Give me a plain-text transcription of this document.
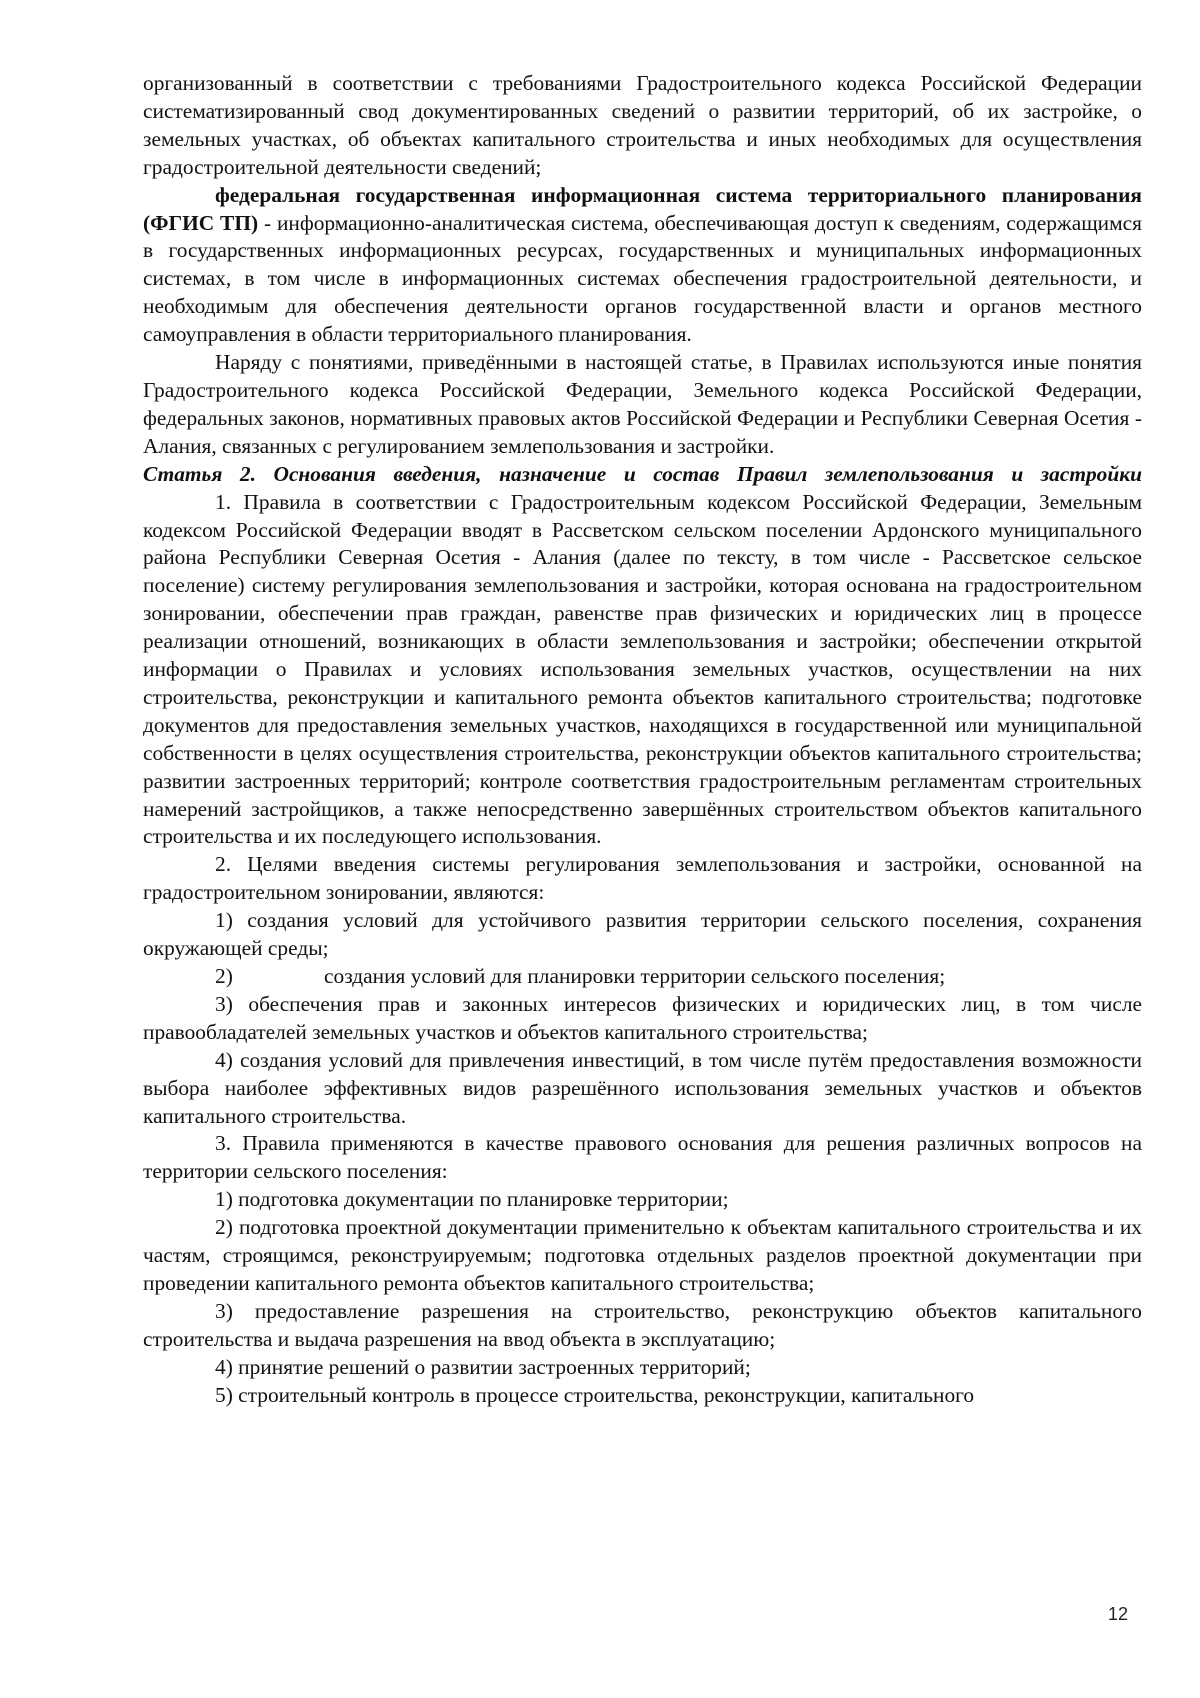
организованный в соответствии с требованиями Градостроительного кодекса Российской Федерации систематизированный свод документированных сведений о развитии территорий, об их застройке, о земельных участках, об объектах капитального строительства и иных необходимых для осуществления градостроительной деятельности сведений;

федеральная государственная информационная система территориального планирования (ФГИС ТП) - информационно-аналитическая система, обеспечивающая доступ к сведениям, содержащимся в государственных информационных ресурсах, государственных и муниципальных информационных системах, в том числе в информационных системах обеспечения градостроительной деятельности, и необходимым для обеспечения деятельности органов государственной власти и органов местного самоуправления в области территориального планирования.

Наряду с понятиями, приведёнными в настоящей статье, в Правилах используются иные понятия Градостроительного кодекса Российской Федерации, Земельного кодекса Российской Федерации, федеральных законов, нормативных правовых актов Российской Федерации и Республики Северная Осетия - Алания, связанных с регулированием землепользования и застройки.

Статья 2. Основания введения, назначение и состав Правил землепользования и застройки

1. Правила в соответствии с Градостроительным кодексом Российской Федерации, Земельным кодексом Российской Федерации вводят в Рассветском сельском поселении Ардонского муниципального района Республики Северная Осетия - Алания (далее по тексту, в том числе - Рассветское сельское поселение) систему регулирования землепользования и застройки, которая основана на градостроительном зонировании, обеспечении прав граждан, равенстве прав физических и юридических лиц в процессе реализации отношений, возникающих в области землепользования и застройки; обеспечении открытой информации о Правилах и условиях использования земельных участков, осуществлении на них строительства, реконструкции и капитального ремонта объектов капитального строительства; подготовке документов для предоставления земельных участков, находящихся в государственной или муниципальной собственности в целях осуществления строительства, реконструкции объектов капитального строительства; развитии застроенных территорий; контроле соответствия градостроительным регламентам строительных намерений застройщиков, а также непосредственно завершённых строительством объектов капитального строительства и их последующего использования.

2. Целями введения системы регулирования землепользования и застройки, основанной на градостроительном зонировании, являются:

1) создания условий для устойчивого развития территории сельского поселения, сохранения окружающей среды;

2)	создания условий для планировки территории сельского поселения;

3) обеспечения прав и законных интересов физических и юридических лиц, в том числе правообладателей земельных участков и объектов капитального строительства;

4) создания условий для привлечения инвестиций, в том числе путём предоставления возможности выбора наиболее эффективных видов разрешённого использования земельных участков и объектов капитального строительства.

3. Правила применяются в качестве правового основания для решения различных вопросов на территории сельского поселения:

1) подготовка документации по планировке территории;

2) подготовка проектной документации применительно к объектам капитального строительства и их частям, строящимся, реконструируемым; подготовка отдельных разделов проектной документации при проведении капитального ремонта объектов капитального строительства;

3) предоставление разрешения на строительство, реконструкцию объектов капитального строительства и выдача разрешения на ввод объекта в эксплуатацию;

4) принятие решений о развитии застроенных территорий;

5) строительный контроль в процессе строительства, реконструкции, капитального

12
